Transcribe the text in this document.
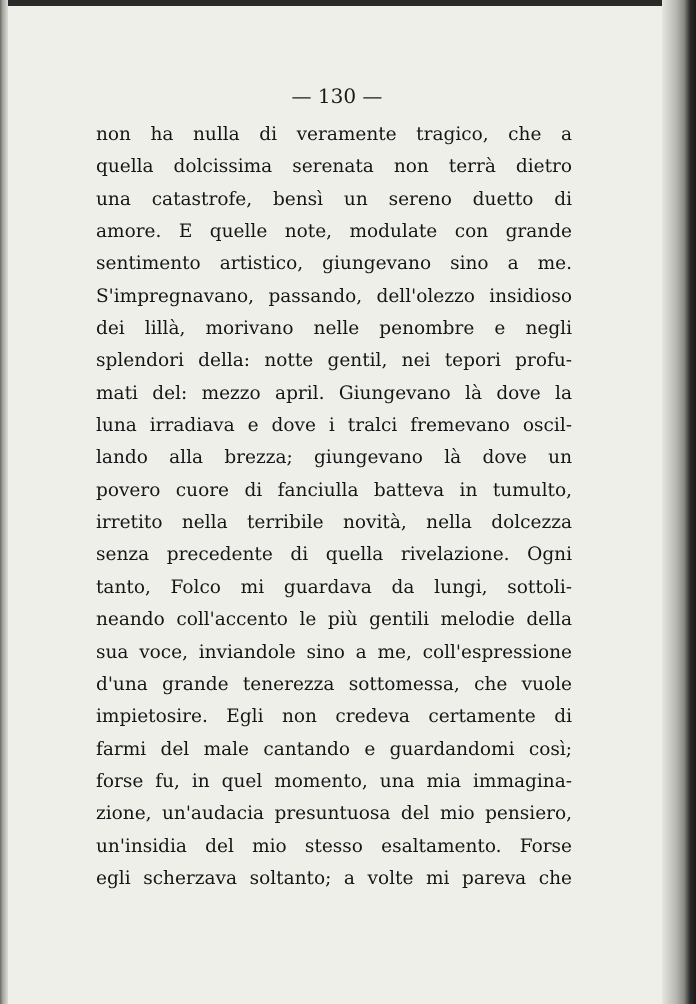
— 130 —
non ha nulla di veramente tragico, che a
quella dolcissima serenata non terrà dietro
una catastrofe, bensì un sereno duetto di
amore. E quelle note, modulate con grande
sentimento artistico, giungevano sino a me.
S'impregnavano, passando, dell'olezzo insidioso
dei lillà, morivano nelle penombre e negli
splendori della: notte gentil, nei tepori profu-
mati del: mezzo april. Giungevano là dove la
luna irradiava e dove i tralci fremevano oscil-
lando alla brezza; giungevano là dove un
povero cuore di fanciulla batteva in tumulto,
irretito nella terribile novità, nella dolcezza
senza precedente di quella rivelazione. Ogni
tanto, Folco mi guardava da lungi, sottoli-
neando coll'accento le più gentili melodie della
sua voce, inviandole sino a me, coll'espressione
d'una grande tenerezza sottomessa, che vuole
impietosire. Egli non credeva certamente di
farmi del male cantando e guardandomi così;
forse fu, in quel momento, una mia immagina-
zione, un'audacia presuntuosa del mio pensiero,
un'insidia del mio stesso esaltamento. Forse
egli scherzava soltanto; a volte mi pareva che
